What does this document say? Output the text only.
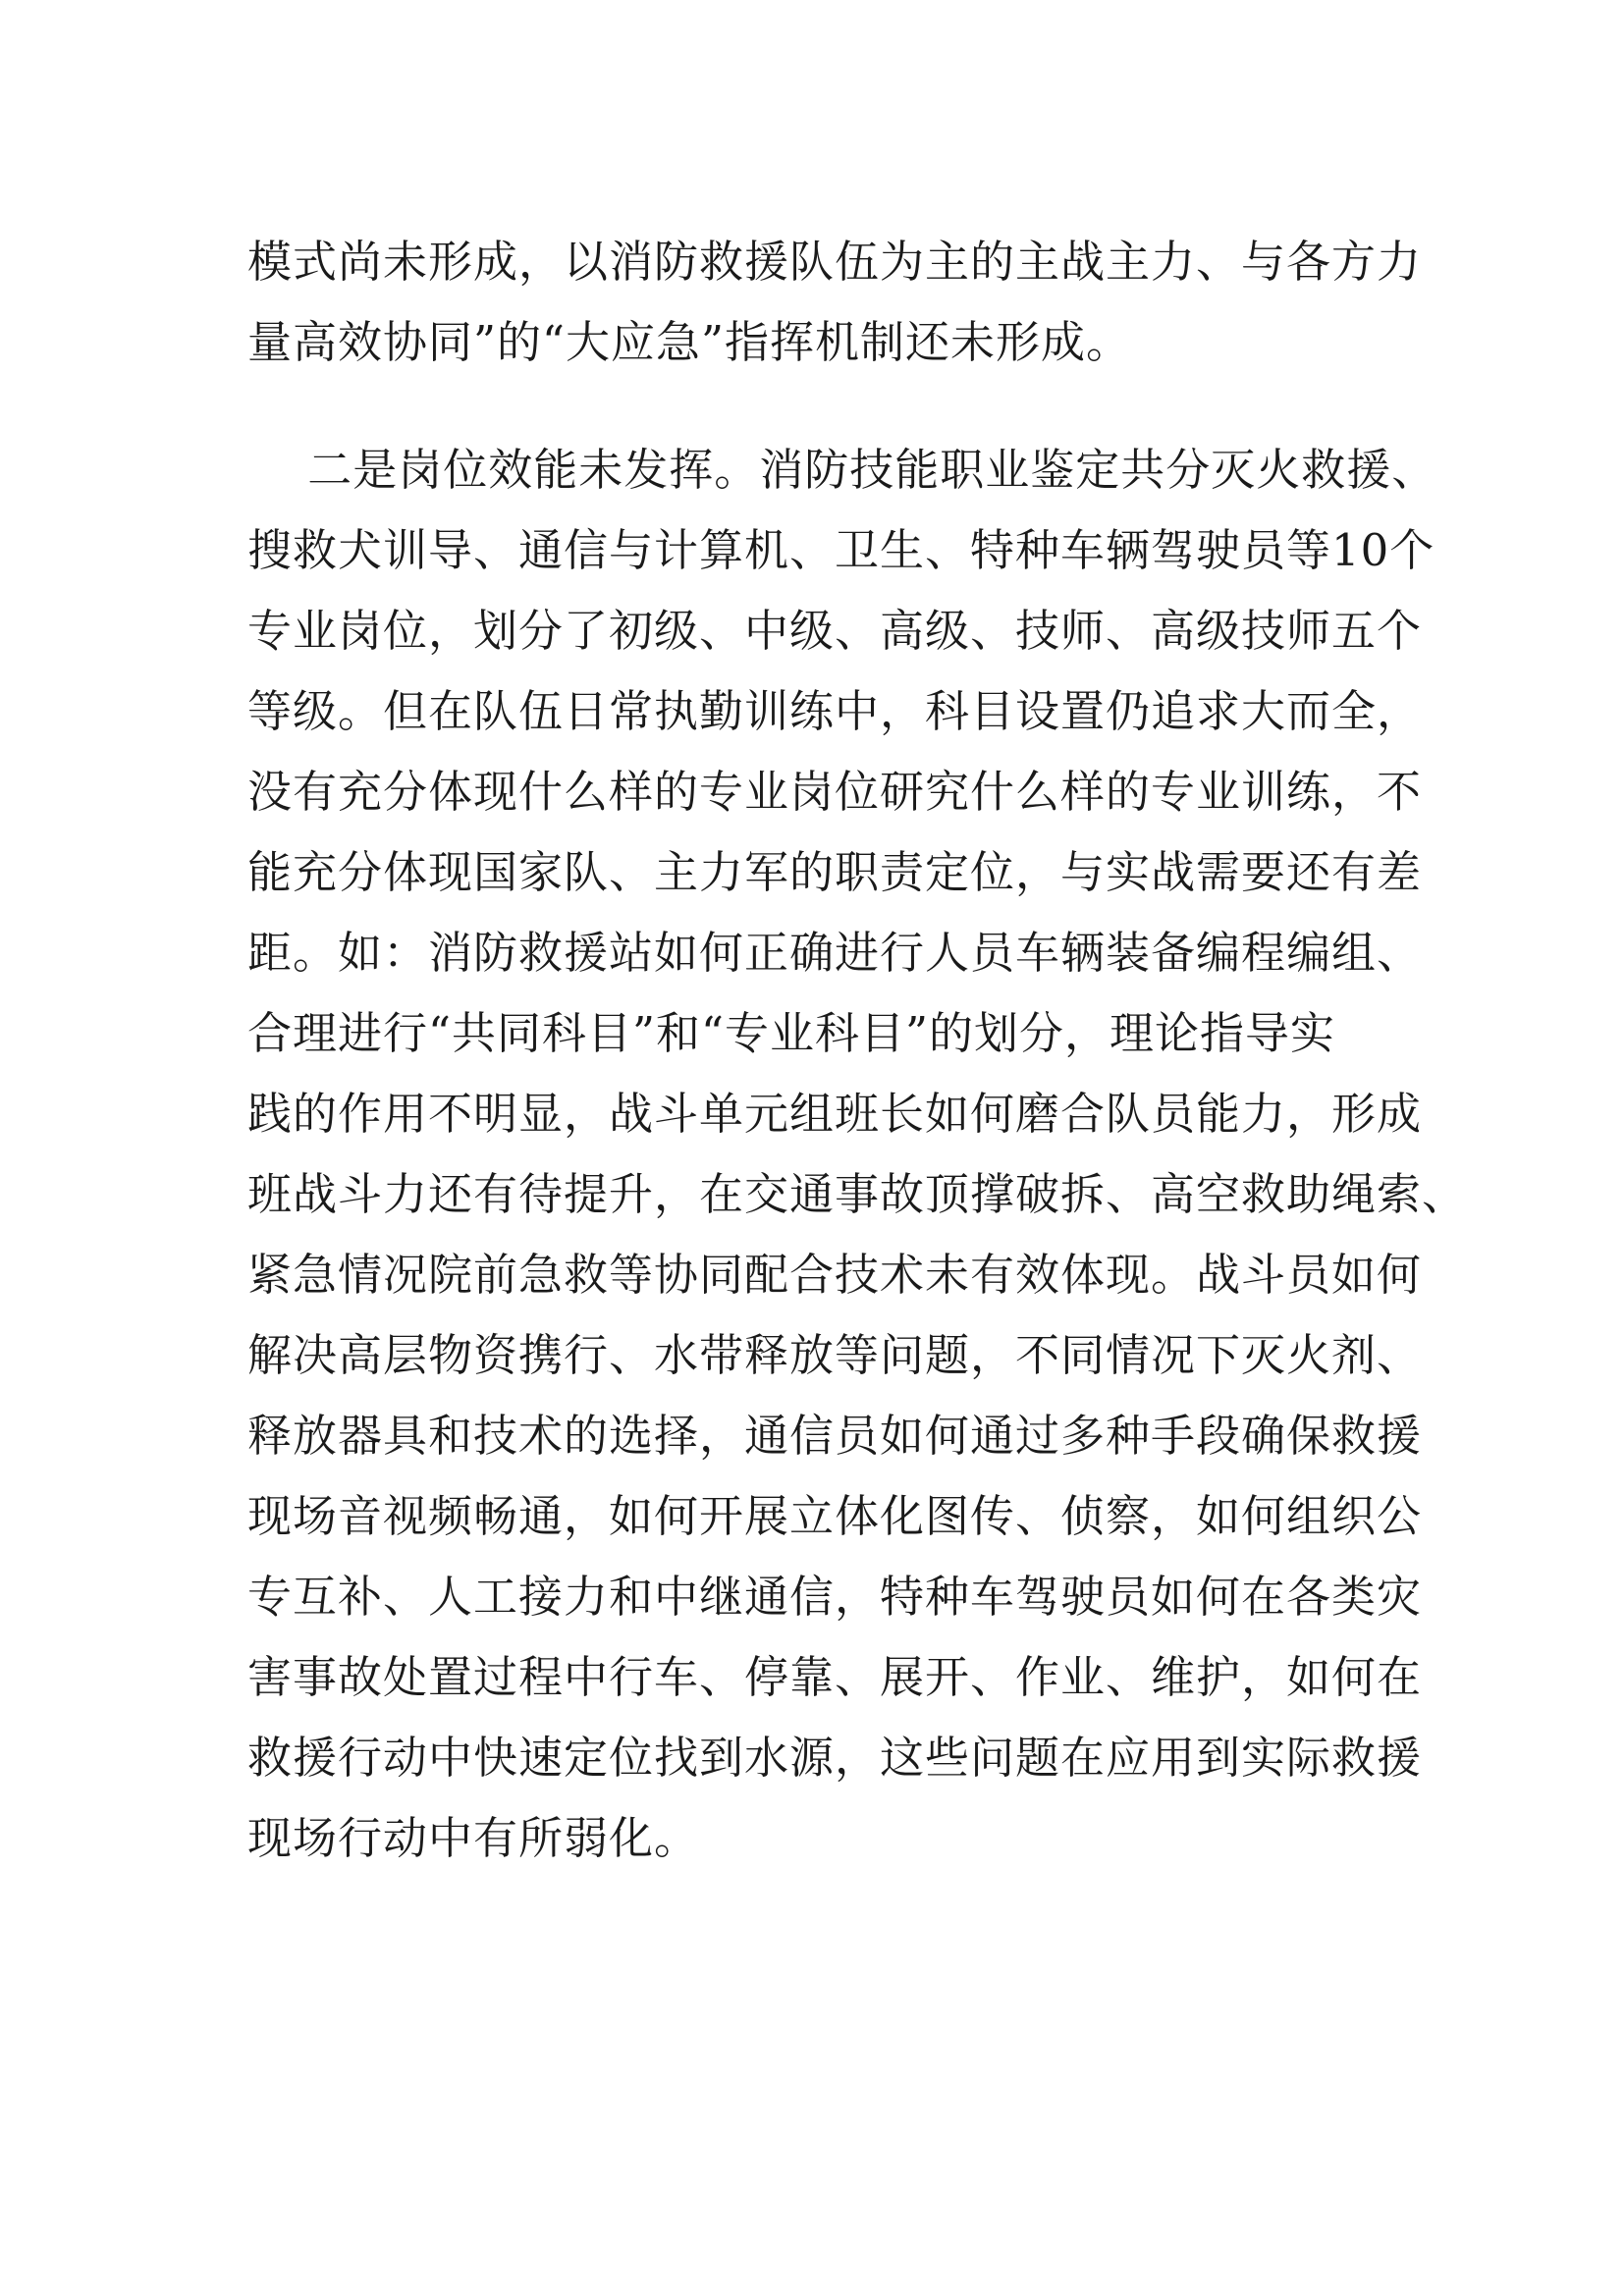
模式尚未形成，以消防救援队伍为主的主战主力、与各方力
量高效协同”的“大应急”指挥机制还未形成。
二是岗位效能未发挥。消防技能职业鉴定共分灭火救援、
搜救犬训导、通信与计算机、卫生、特种车辆驾驶员等10个
专业岗位，划分了初级、中级、高级、技师、高级技师五个
等级。但在队伍日常执勤训练中，科目设置仍追求大而全，
没有充分体现什么样的专业岗位研究什么样的专业训练，不
能充分体现国家队、主力军的职责定位，与实战需要还有差
距。如：消防救援站如何正确进行人员车辆装备编程编组、
合理进行“共同科目”和“专业科目”的划分，理论指导实
践的作用不明显，战斗单元组班长如何磨合队员能力，形成
班战斗力还有待提升，在交通事故顶撑破拆、高空救助绳索、
紧急情况院前急救等协同配合技术未有效体现。战斗员如何
解决高层物资携行、水带释放等问题，不同情况下灭火剂、
释放器具和技术的选择，通信员如何通过多种手段确保救援
现场音视频畅通，如何开展立体化图传、侦察，如何组织公
专互补、人工接力和中继通信，特种车驾驶员如何在各类灾
害事故处置过程中行车、停靠、展开、作业、维护，如何在
救援行动中快速定位找到水源，这些问题在应用到实际救援
现场行动中有所弱化。
